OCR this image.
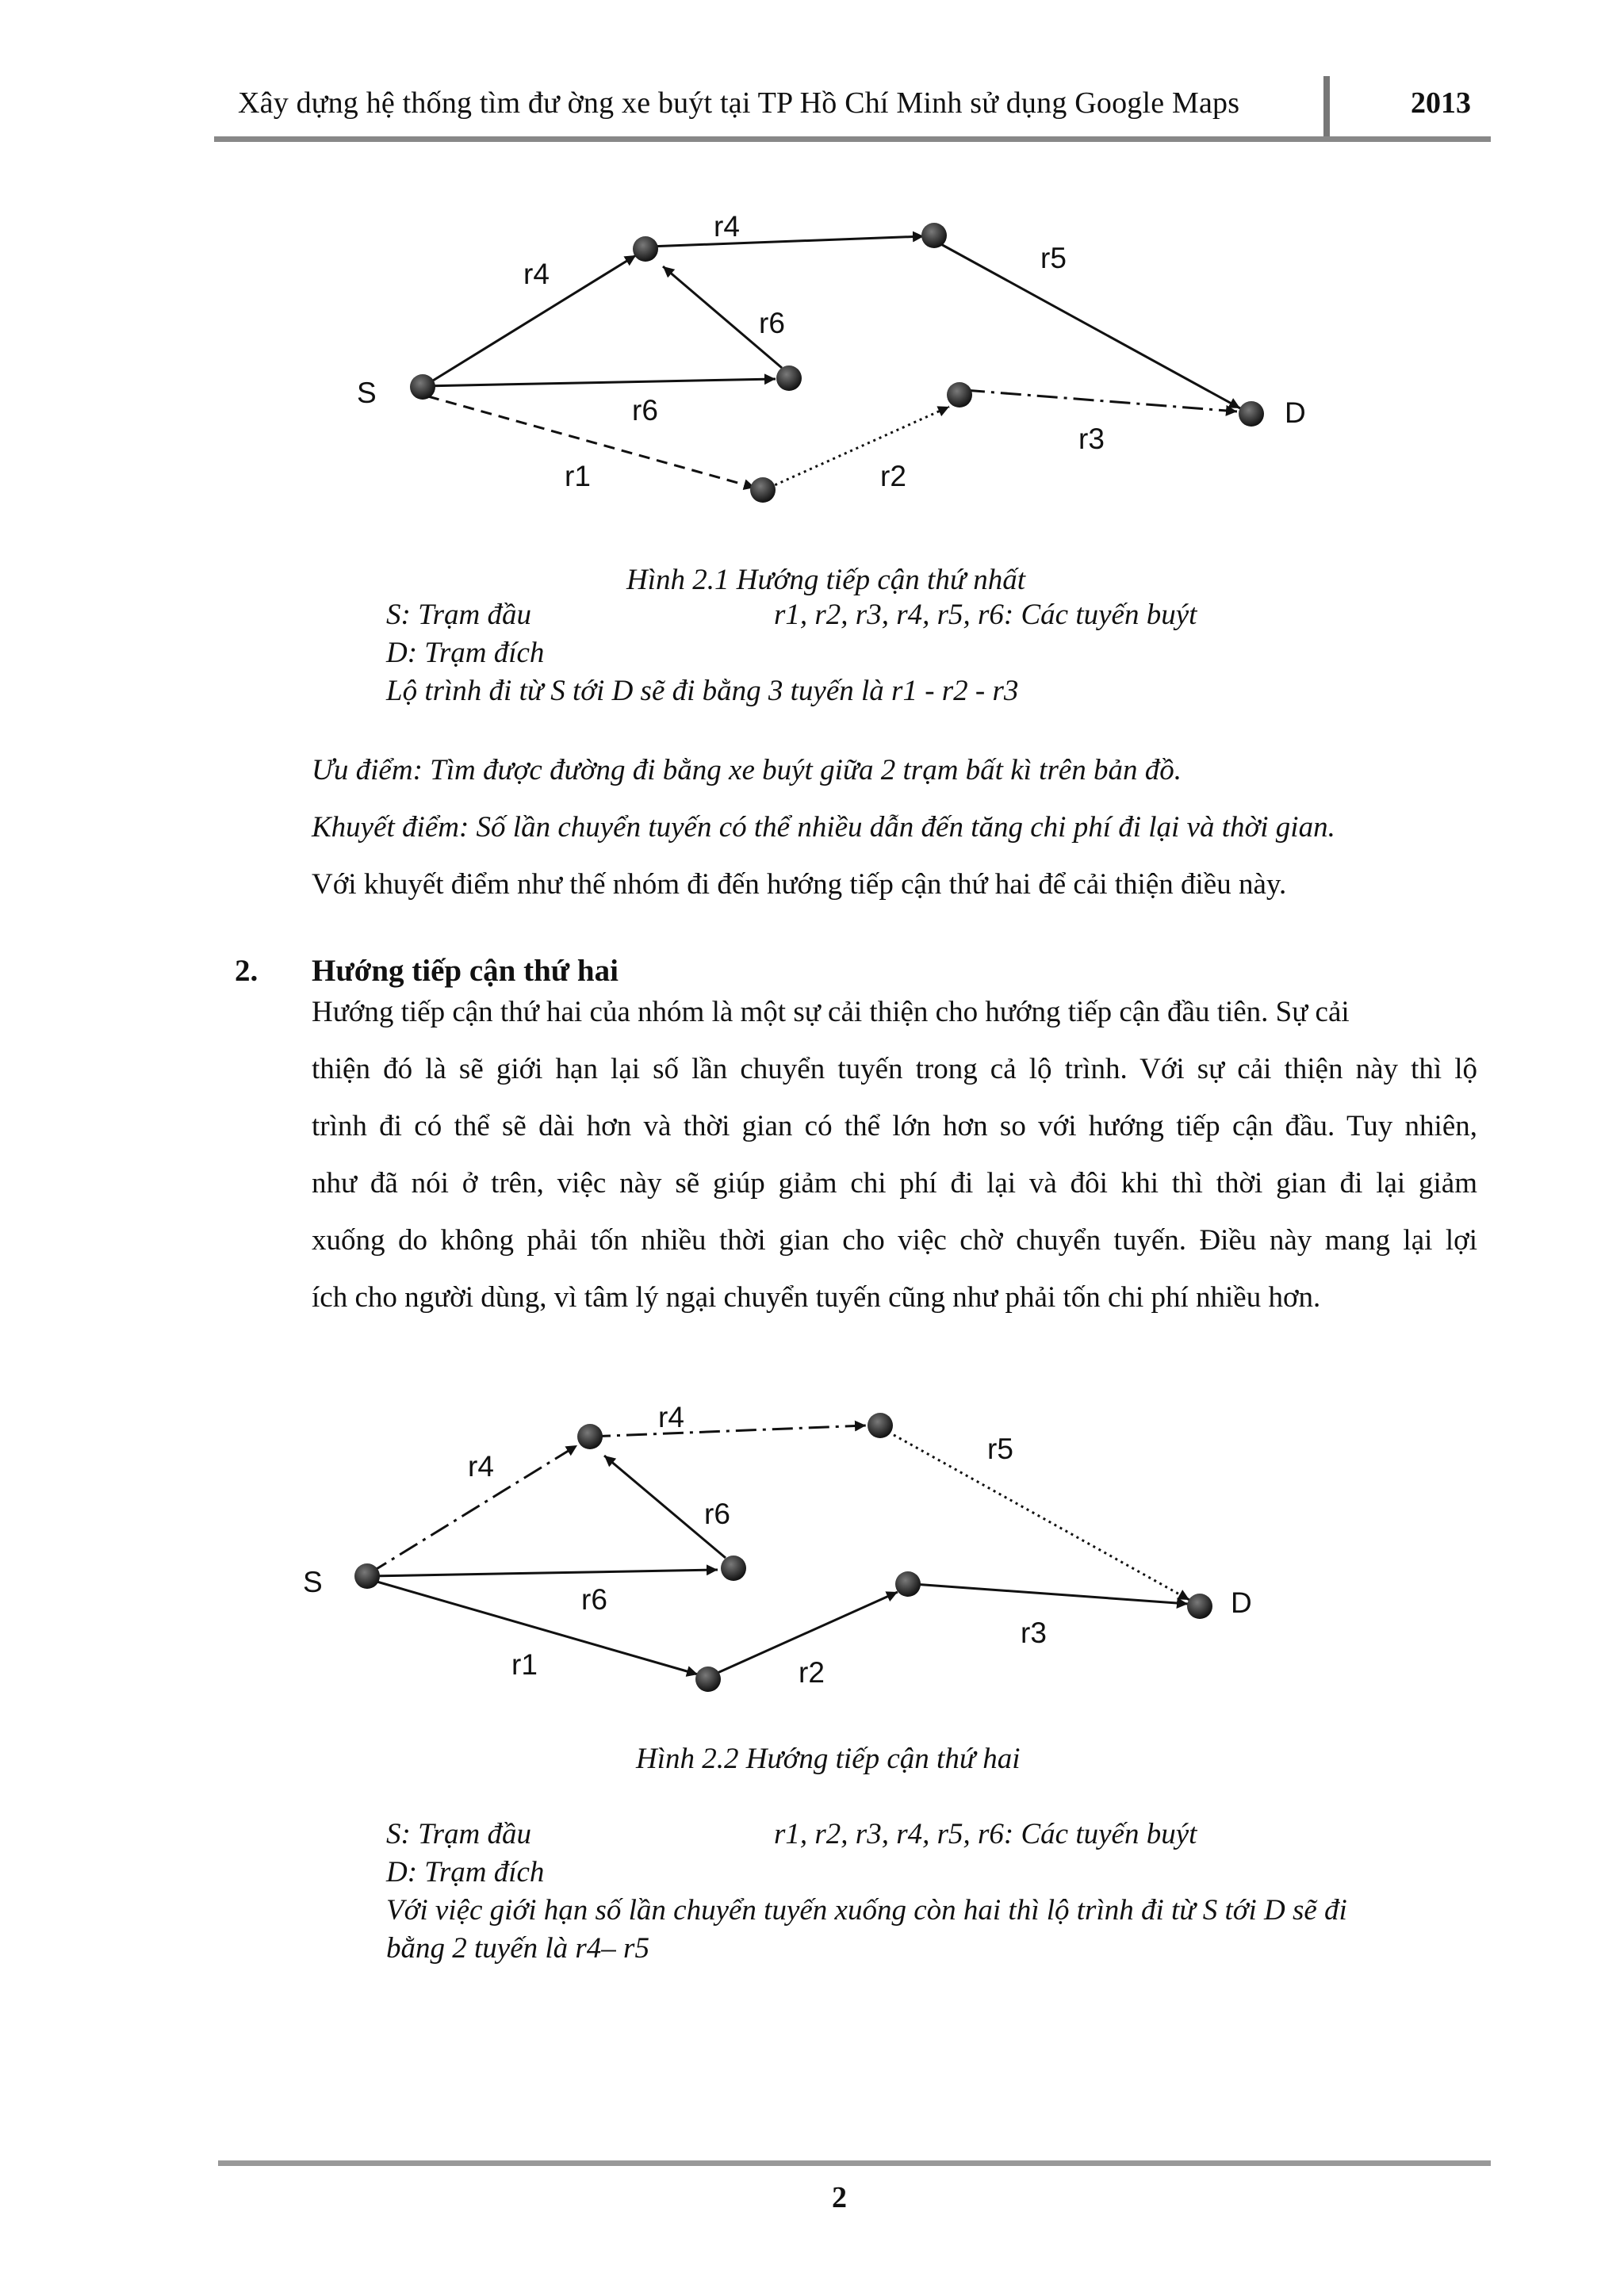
Xây dựng hệ thống tìm đư ờng xe buýt tại TP Hồ Chí Minh sử dụng Google Maps	2013
S
D
r4
r4
r5
r6
r6
r1	r2
r3
Hình 2.1 Hướng tiếp cận thứ nhất
S: Trạm đầu	r1, r2, r3, r4, r5, r6: Các tuyến buýt
D: Trạm đích
Lộ trình đi từ S tới D sẽ đi bằng 3 tuyến là r1 - r2 - r3
Ưu điểm: Tìm được đường đi bằng xe buýt giữa 2 trạm bất kì trên bản đồ.
Khuyết điểm: Số lần chuyển tuyến có thể nhiều dẫn đến tăng chi phí đi lại và thời gian.
Với khuyết điểm như thế nhóm đi đến hướng tiếp cận thứ hai để cải thiện điều này.
2. Hướng tiếp cận thứ hai
Hướng tiếp cận thứ hai của nhóm là một sự cải thiện cho hướng tiếp cận đầu tiên. Sự cải
thiện đó là sẽ giới hạn lại số lần chuyển tuyến trong cả lộ trình. Với sự cải thiện này thì lộ
trình đi có thể sẽ dài hơn và thời gian có thể lớn hơn so với hướng tiếp cận đầu. Tuy nhiên,
như đã nói ở trên, việc này sẽ giúp giảm chi phí đi lại và đôi khi thì thời gian đi lại giảm
xuống do không phải tốn nhiều thời gian cho việc chờ chuyển tuyến. Điều này mang lại lợi
ích cho người dùng, vì tâm lý ngại chuyển tuyến cũng như phải tốn chi phí nhiều hơn.
S
D
r4
r4
r5
r6
r6
r1	r2
r3
Hình 2.2 Hướng tiếp cận thứ hai
S: Trạm đầu	r1, r2, r3, r4, r5, r6: Các tuyến buýt
D: Trạm đích
Với việc giới hạn số lần chuyển tuyến xuống còn hai thì lộ trình đi từ S tới D sẽ đi
bằng 2 tuyến là r4– r5
2
